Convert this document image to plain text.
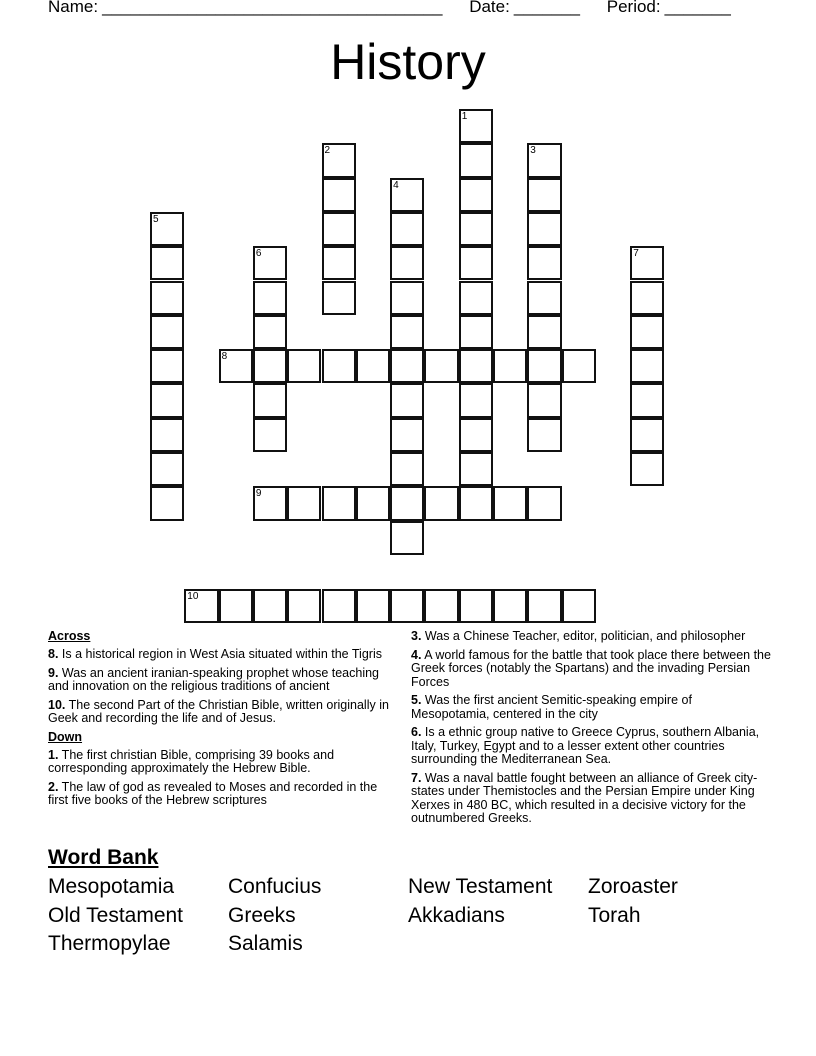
Name: ____________________________________ Date: _______ Period: _______
History
1
2	3
4
5
6	7
8
9
10
Across
8. Is a historical region in West Asia situated within the Tigris
9. Was an ancient iranian-speaking prophet whose teaching and innovation on the religious traditions of ancient
10. The second Part of the Christian Bible, written originally in Geek and recording the life and of Jesus.
Down
1. The first christian Bible, comprising 39 books and corresponding approximately the Hebrew Bible.
2. The law of god as revealed to Moses and recorded in the first five books of the Hebrew scriptures
3. Was a Chinese Teacher, editor, politician, and philosopher
4. A world famous for the battle that took place there between the Greek forces (notably the Spartans) and the invading Persian Forces
5. Was the first ancient Semitic-speaking empire of Mesopotamia, centered in the city
6. Is a ethnic group native to Greece Cyprus, southern Albania, Italy, Turkey, Egypt and to a lesser extent other countries surrounding the Mediterranean Sea.
7. Was a naval battle fought between an alliance of Greek city-states under Themistocles and the Persian Empire under King Xerxes in 480 BC, which resulted in a decisive victory for the outnumbered Greeks.
Word Bank
Mesopotamia	Confucius	New Testament	Zoroaster
Old Testament	Greeks	Akkadians	Torah
Thermopylae	Salamis
